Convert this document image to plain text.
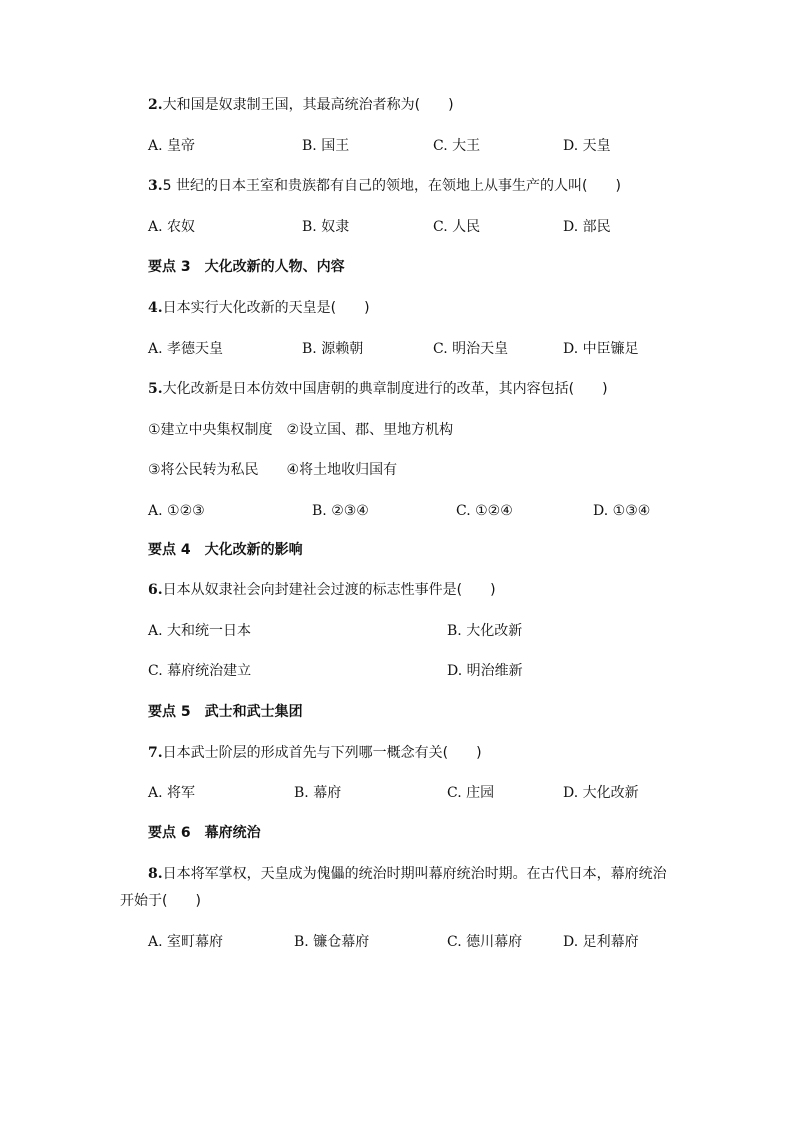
2.大和国是奴隶制王国，其最高统治者称为(　　)
A. 皇帝	B. 国王	C. 大王	D. 天皇
3.5 世纪的日本王室和贵族都有自己的领地，在领地上从事生产的人叫(　　)
A. 农奴	B. 奴隶	C. 人民	D. 部民
要点 3　大化改新的人物、内容
4.日本实行大化改新的天皇是(　　)
A. 孝德天皇	B. 源赖朝	C. 明治天皇	D. 中臣镰足
5.大化改新是日本仿效中国唐朝的典章制度进行的改革，其内容包括(　　)
①建立中央集权制度　②设立国、郡、里地方机构
③将公民转为私民　　④将土地收归国有
A. ①②③	B. ②③④	C. ①②④	D. ①③④
要点 4　大化改新的影响
6.日本从奴隶社会向封建社会过渡的标志性事件是(　　)
A. 大和统一日本	B. 大化改新
C. 幕府统治建立	D. 明治维新
要点 5　武士和武士集团
7.日本武士阶层的形成首先与下列哪一概念有关(　　)
A. 将军	B. 幕府	C. 庄园	D. 大化改新
要点 6　幕府统治
8.日本将军掌权，天皇成为傀儡的统治时期叫幕府统治时期。在古代日本，幕府统治
开始于(　　)
A. 室町幕府	B. 镰仓幕府	C. 德川幕府	D. 足利幕府
